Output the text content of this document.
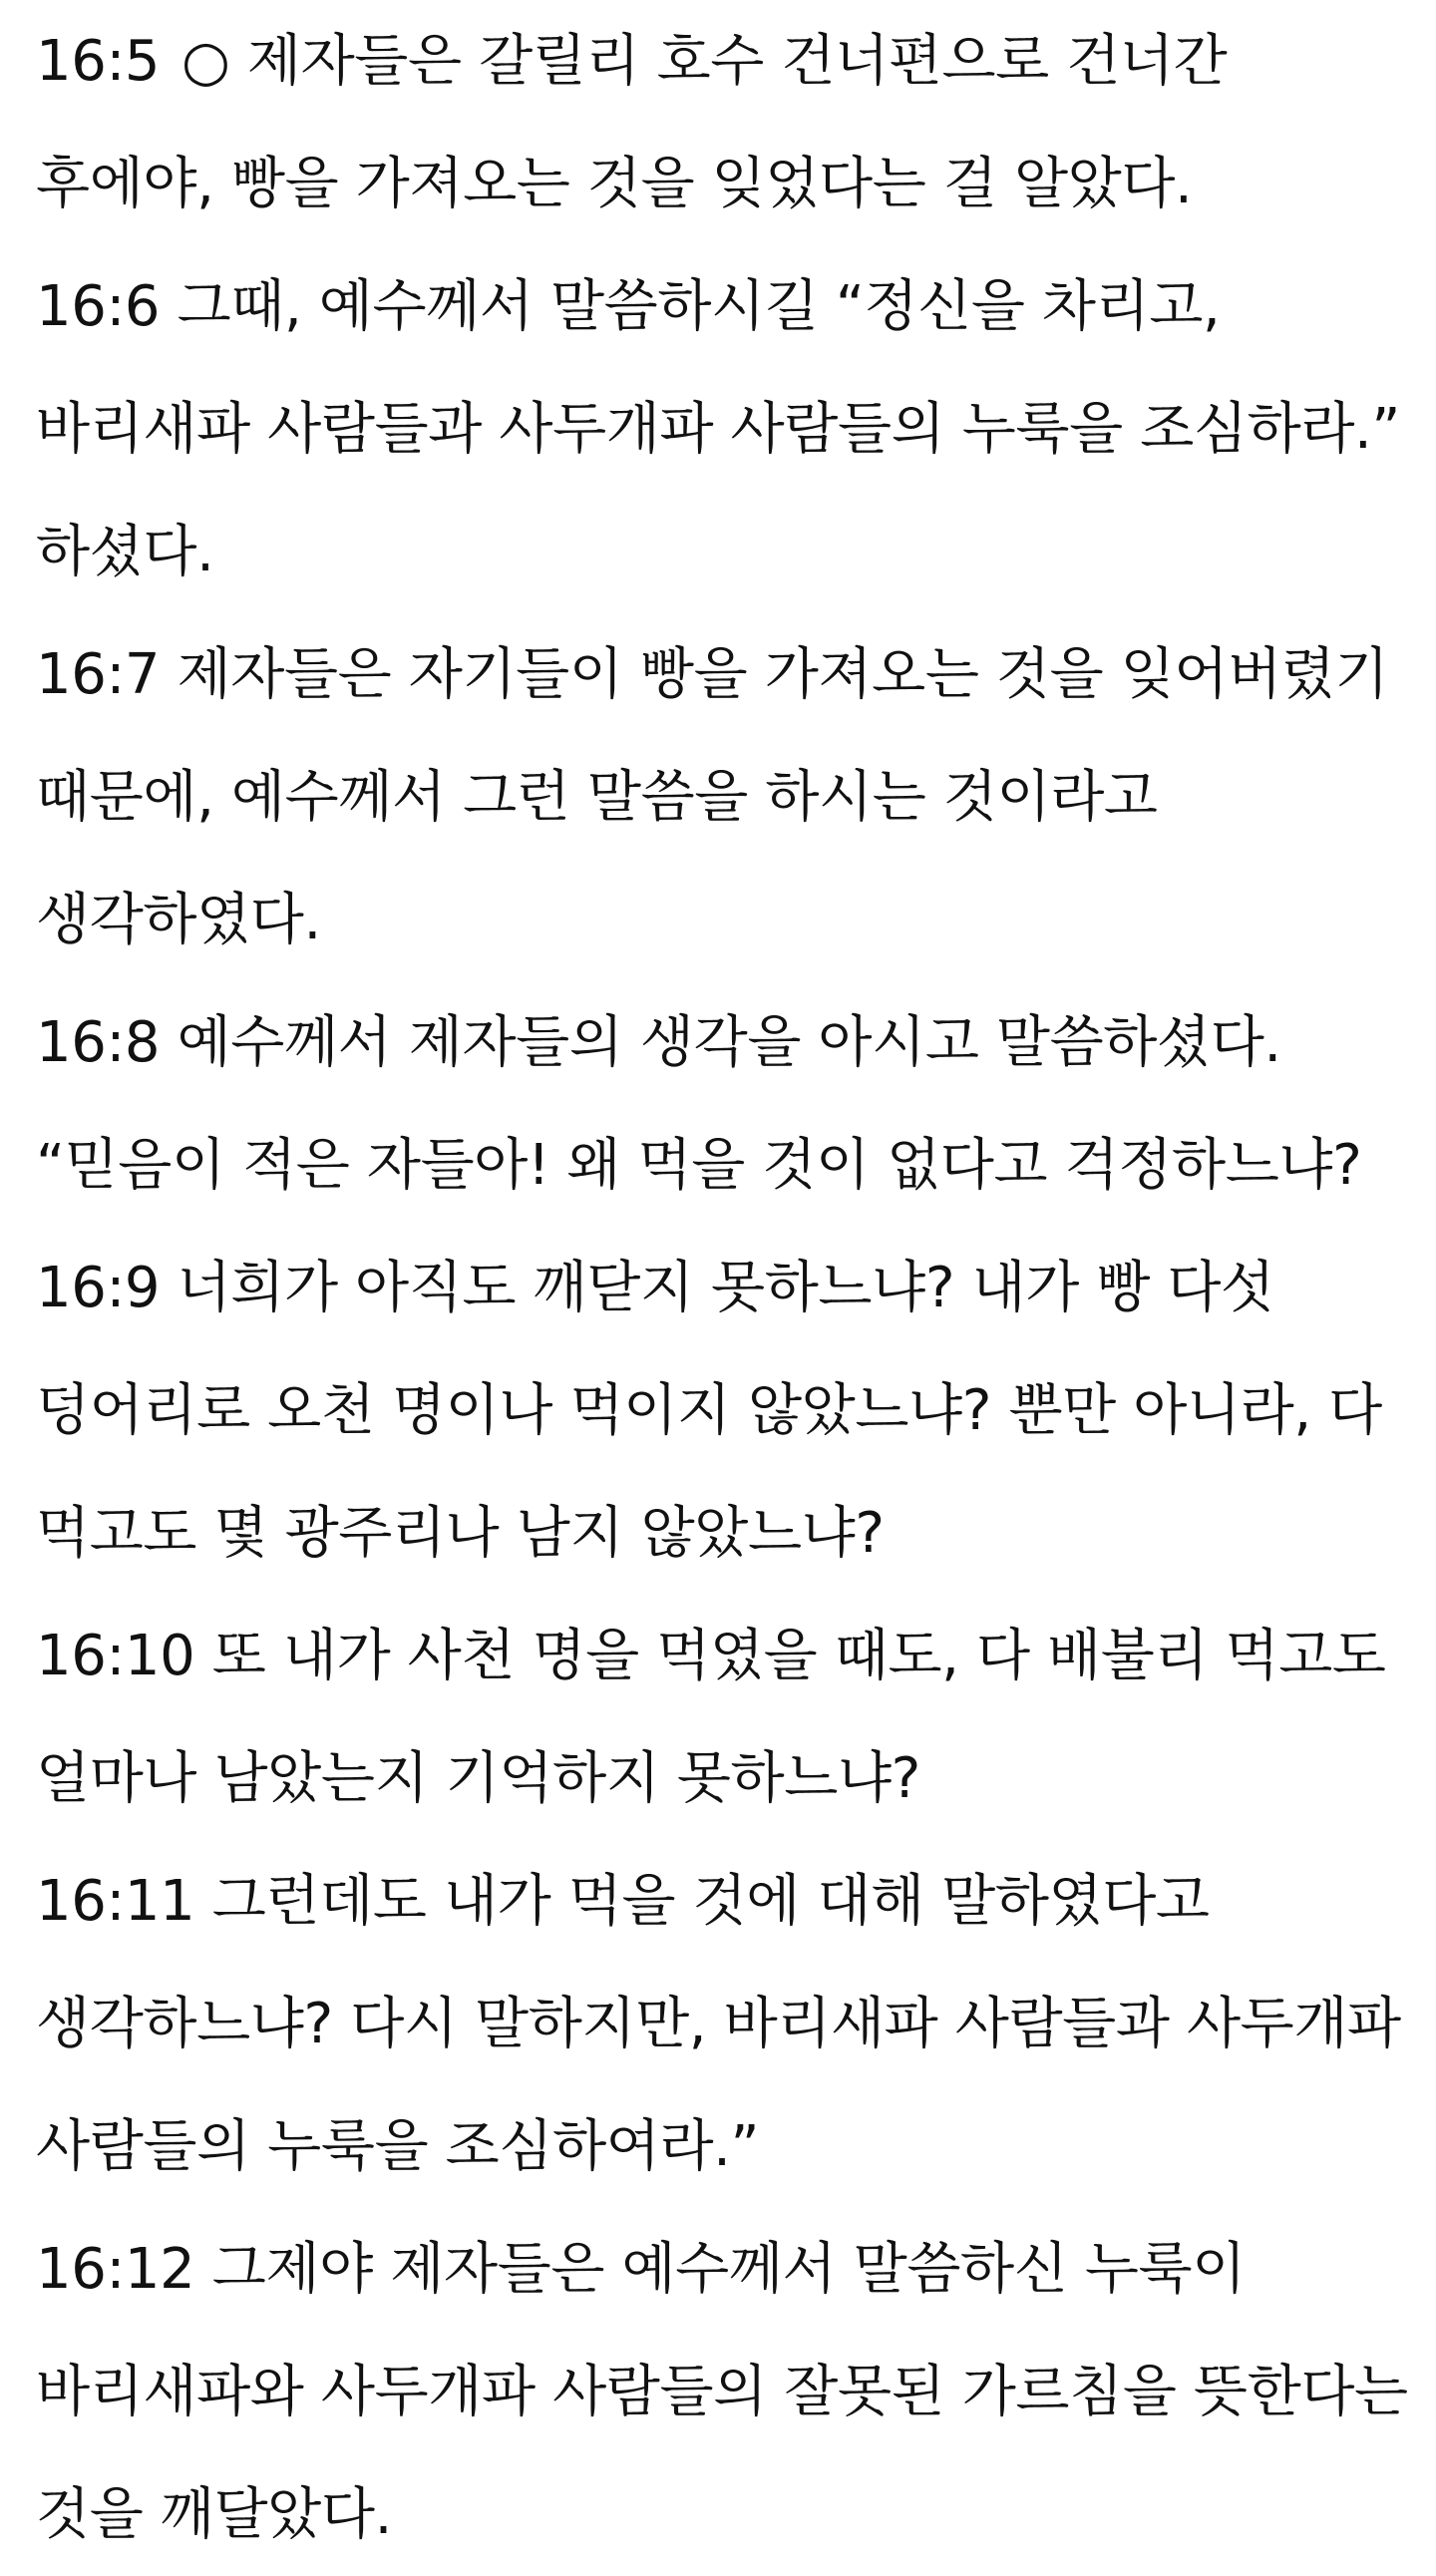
16:5 ○ 제자들은 갈릴리 호수 건너편으로 건너간 후에야, 빵을 가져오는 것을 잊었다는 걸 알았다.
16:6 그때, 예수께서 말씀하시길 “정신을 차리고, 바리새파 사람들과 사두개파 사람들의 누룩을 조심하라.” 하셨다.
16:7 제자들은 자기들이 빵을 가져오는 것을 잊어버렸기 때문에, 예수께서 그런 말씀을 하시는 것이라고 생각하였다.
16:8 예수께서 제자들의 생각을 아시고 말씀하셨다. “믿음이 적은 자들아! 왜 먹을 것이 없다고 걱정하느냐?
16:9 너희가 아직도 깨닫지 못하느냐? 내가 빵 다섯 덩어리로 오천 명이나 먹이지 않았느냐? 뿐만 아니라, 다 먹고도 몇 광주리나 남지 않았느냐?
16:10 또 내가 사천 명을 먹였을 때도, 다 배불리 먹고도 얼마나 남았는지 기억하지 못하느냐?
16:11 그런데도 내가 먹을 것에 대해 말하였다고 생각하느냐? 다시 말하지만, 바리새파 사람들과 사두개파 사람들의 누룩을 조심하여라.”
16:12 그제야 제자들은 예수께서 말씀하신 누룩이 바리새파와 사두개파 사람들의 잘못된 가르침을 뜻한다는 것을 깨달았다.
